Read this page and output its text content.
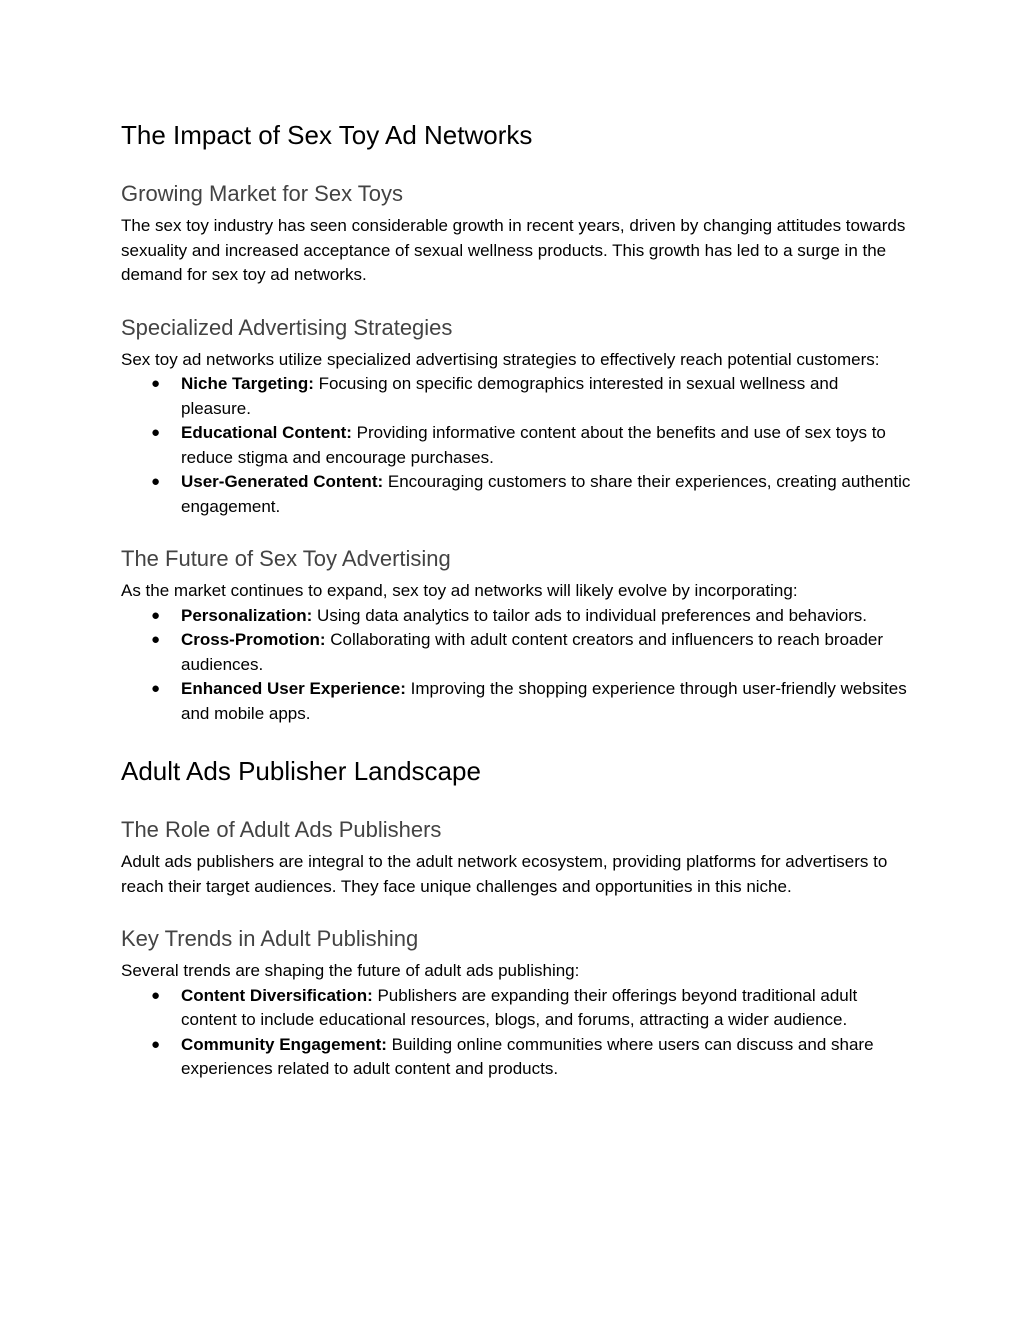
The Impact of Sex Toy Ad Networks
Growing Market for Sex Toys

The sex toy industry has seen considerable growth in recent years, driven by changing attitudes towards sexuality and increased acceptance of sexual wellness products. This growth has led to a surge in the demand for sex toy ad networks.

Specialized Advertising Strategies

Sex toy ad networks utilize specialized advertising strategies to effectively reach potential customers:

● Niche Targeting: Focusing on specific demographics interested in sexual wellness and pleasure.
● Educational Content: Providing informative content about the benefits and use of sex toys to reduce stigma and encourage purchases.
● User-Generated Content: Encouraging customers to share their experiences, creating authentic engagement.
The Future of Sex Toy Advertising

As the market continues to expand, sex toy ad networks will likely evolve by incorporating:

● Personalization: Using data analytics to tailor ads to individual preferences and behaviors.
● Cross-Promotion: Collaborating with adult content creators and influencers to reach broader audiences.
● Enhanced User Experience: Improving the shopping experience through user-friendly websites and mobile apps.
Adult Ads Publisher Landscape
The Role of Adult Ads Publishers

Adult ads publishers are integral to the adult network ecosystem, providing platforms for advertisers to reach their target audiences. They face unique challenges and opportunities in this niche.

Key Trends in Adult Publishing

Several trends are shaping the future of adult ads publishing:

● Content Diversification: Publishers are expanding their offerings beyond traditional adult content to include educational resources, blogs, and forums, attracting a wider audience.
● Community Engagement: Building online communities where users can discuss and share experiences related to adult content and products.
